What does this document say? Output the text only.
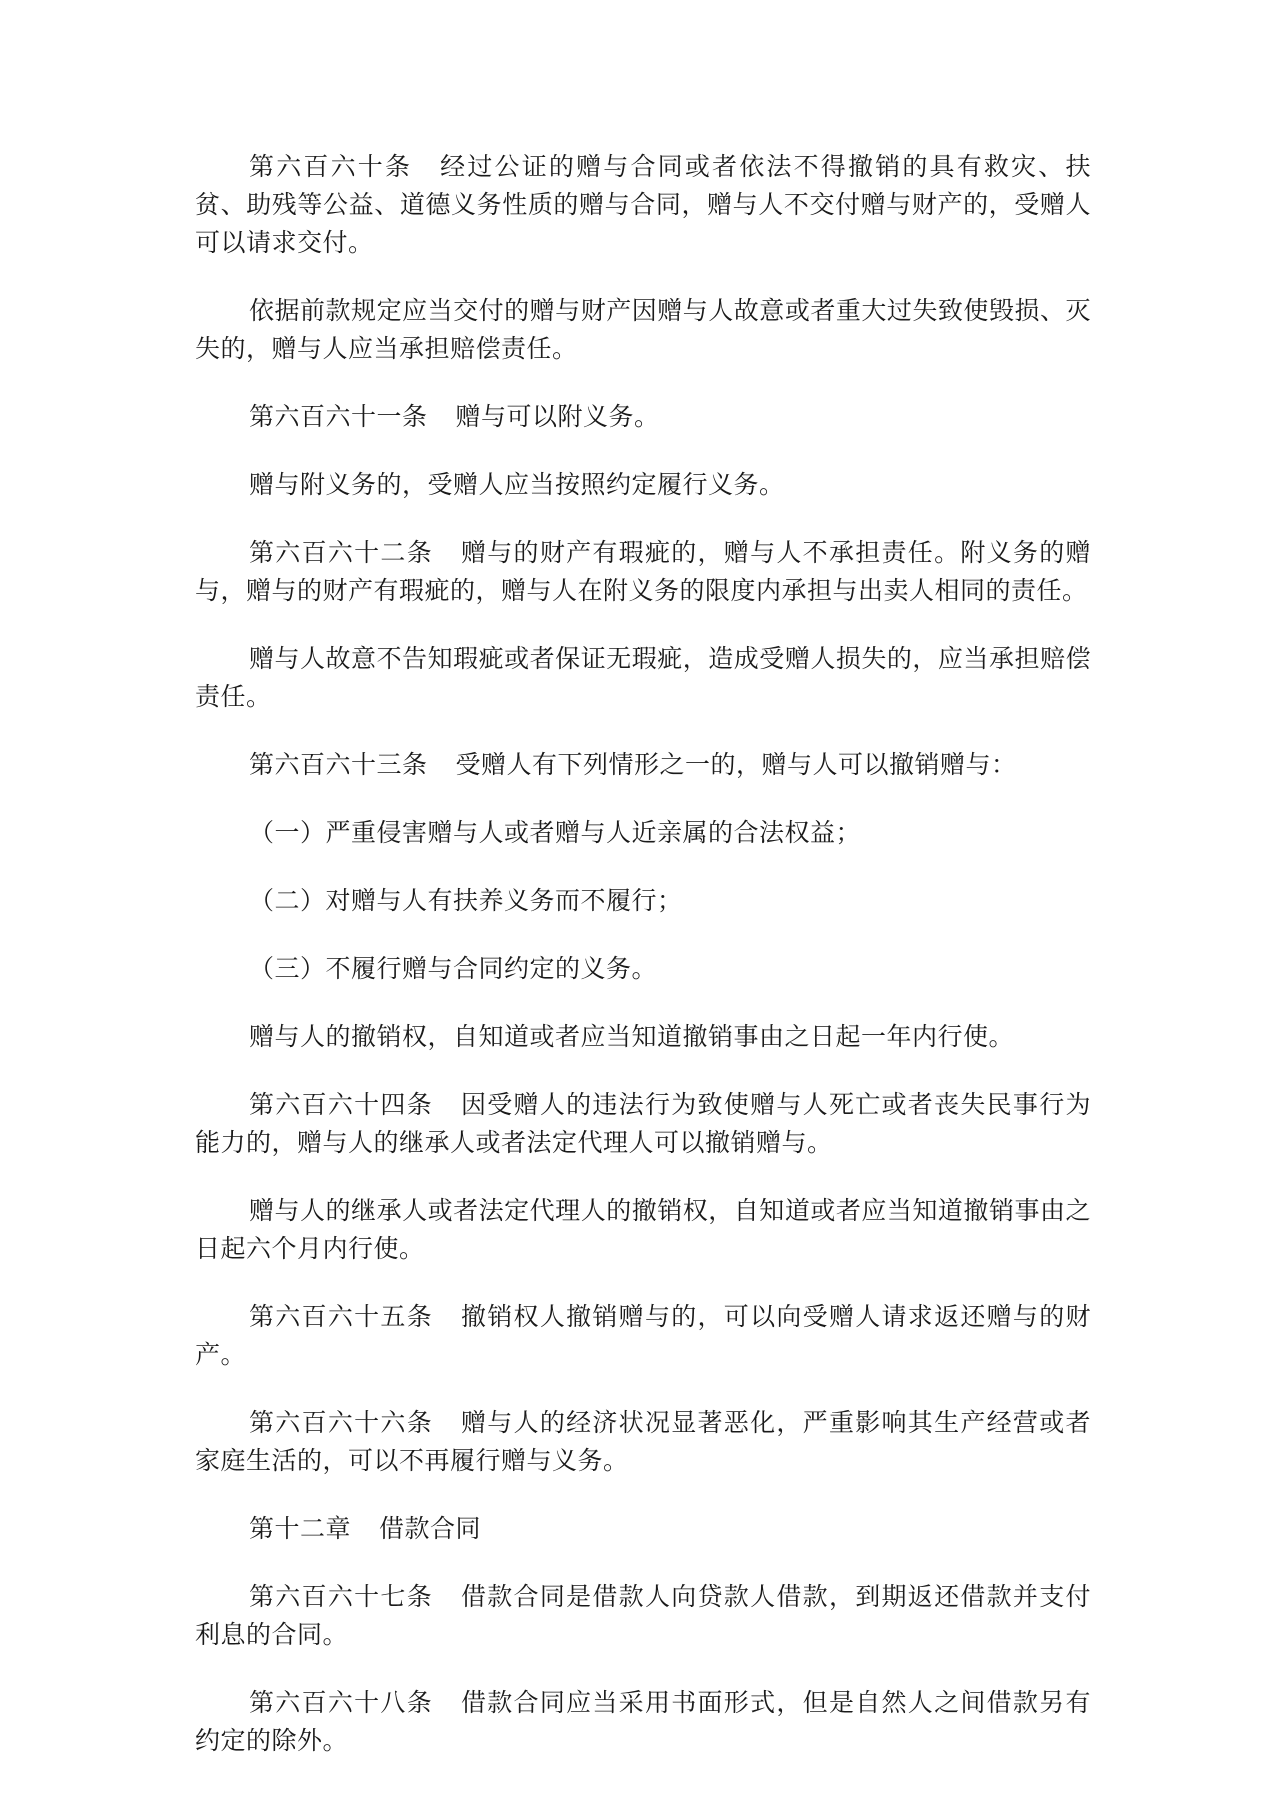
第六百六十条 经过公证的赠与合同或者依法不得撤销的具有救灾、扶贫、助残等公益、道德义务性质的赠与合同，赠与人不交付赠与财产的，受赠人可以请求交付。

依据前款规定应当交付的赠与财产因赠与人故意或者重大过失致使毁损、灭失的，赠与人应当承担赔偿责任。

第六百六十一条 赠与可以附义务。

赠与附义务的，受赠人应当按照约定履行义务。

第六百六十二条 赠与的财产有瑕疵的，赠与人不承担责任。附义务的赠与，赠与的财产有瑕疵的，赠与人在附义务的限度内承担与出卖人相同的责任。

赠与人故意不告知瑕疵或者保证无瑕疵，造成受赠人损失的，应当承担赔偿责任。

第六百六十三条 受赠人有下列情形之一的，赠与人可以撤销赠与：

（一）严重侵害赠与人或者赠与人近亲属的合法权益；

（二）对赠与人有扶养义务而不履行；

（三）不履行赠与合同约定的义务。

赠与人的撤销权，自知道或者应当知道撤销事由之日起一年内行使。

第六百六十四条 因受赠人的违法行为致使赠与人死亡或者丧失民事行为能力的，赠与人的继承人或者法定代理人可以撤销赠与。

赠与人的继承人或者法定代理人的撤销权，自知道或者应当知道撤销事由之日起六个月内行使。

第六百六十五条 撤销权人撤销赠与的，可以向受赠人请求返还赠与的财产。

第六百六十六条 赠与人的经济状况显著恶化，严重影响其生产经营或者家庭生活的，可以不再履行赠与义务。

第十二章 借款合同

第六百六十七条 借款合同是借款人向贷款人借款，到期返还借款并支付利息的合同。

第六百六十八条 借款合同应当采用书面形式，但是自然人之间借款另有约定的除外。
